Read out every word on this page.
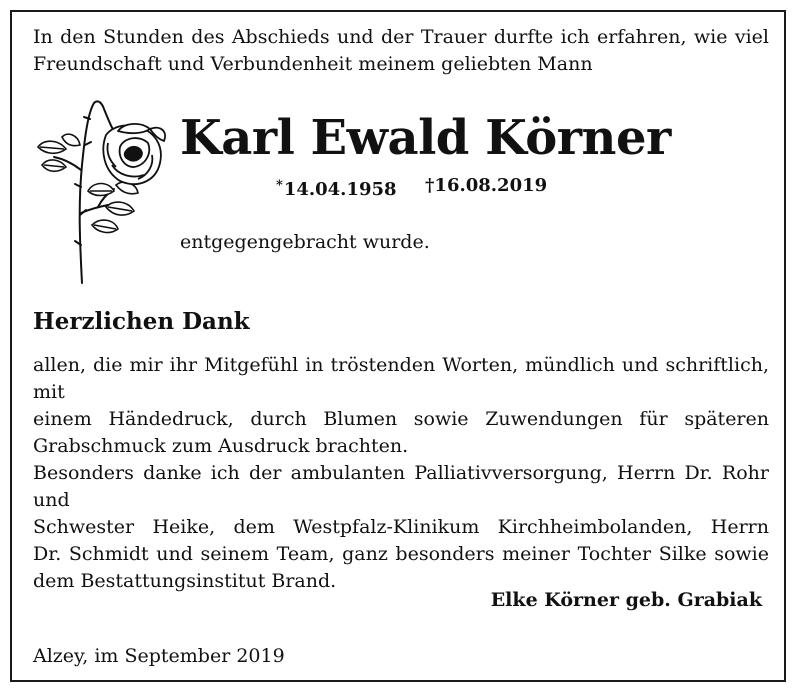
In den Stunden des Abschieds und der Trauer durfte ich erfahren, wie viel
Freundschaft und Verbundenheit meinem geliebten Mann

Karl Ewald Körner
*14.04.1958 †16.08.2019

entgegengebracht wurde.

Herzlichen Dank

allen, die mir ihr Mitgefühl in tröstenden Worten, mündlich und schriftlich, mit
einem Händedruck, durch Blumen sowie Zuwendungen für späteren
Grabschmuck zum Ausdruck brachten.
Besonders danke ich der ambulanten Palliativversorgung, Herrn Dr. Rohr und
Schwester Heike, dem Westpfalz-Klinikum Kirchheimbolanden, Herrn
Dr. Schmidt und seinem Team, ganz besonders meiner Tochter Silke sowie
dem Bestattungsinstitut Brand.

Elke Körner geb. Grabiak
Alzey, im September 2019
